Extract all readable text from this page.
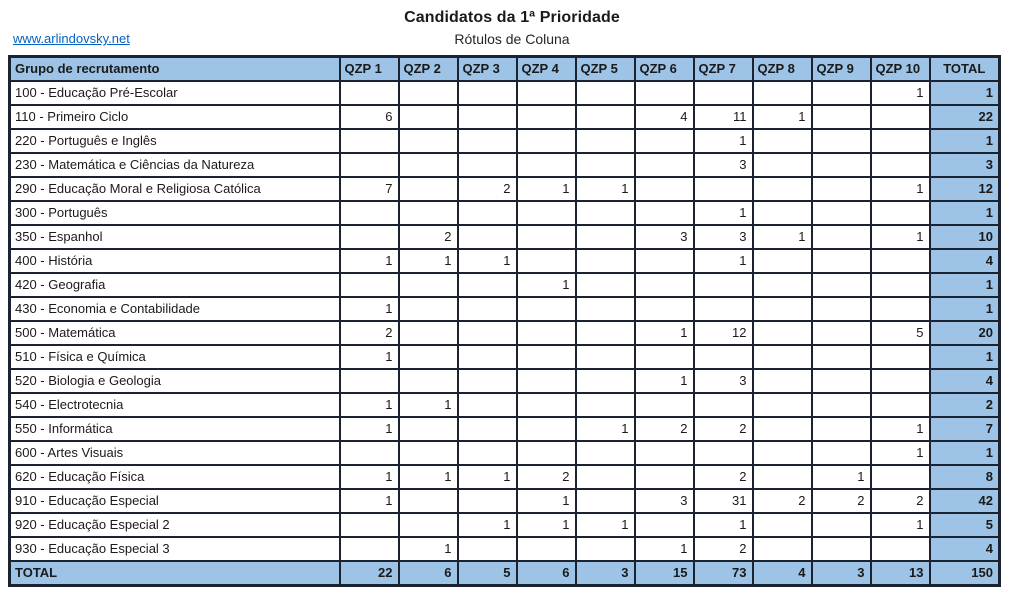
Candidatos da 1ª Prioridade
www.arlindovsky.net	Rótulos de Coluna
Grupo de recrutamento	QZP 1	QZP 2	QZP 3	QZP 4	QZP 5	QZP 6	QZP 7	QZP 8	QZP 9	QZP 10	TOTAL
100 - Educação Pré-Escolar										1	1
110 - Primeiro Ciclo	6					4	11	1			22
220 - Português e Inglês							1				1
230 - Matemática e Ciências da Natureza							3				3
290 - Educação Moral e Religiosa Católica	7		2	1	1					1	12
300 - Português							1				1
350 - Espanhol		2				3	3	1		1	10
400 - História	1	1	1				1				4
420 - Geografia				1							1
430 - Economia e Contabilidade	1										1
500 - Matemática	2					1	12			5	20
510 - Física e Química	1										1
520 - Biologia e Geologia						1	3				4
540 - Electrotecnia	1	1									2
550 - Informática	1				1	2	2			1	7
600 - Artes Visuais										1	1
620 - Educação Física	1	1	1	2			2		1		8
910 - Educação Especial	1			1		3	31	2	2	2	42
920 - Educação Especial 2			1	1	1		1			1	5
930 - Educação Especial 3		1				1	2				4
TOTAL	22	6	5	6	3	15	73	4	3	13	150
